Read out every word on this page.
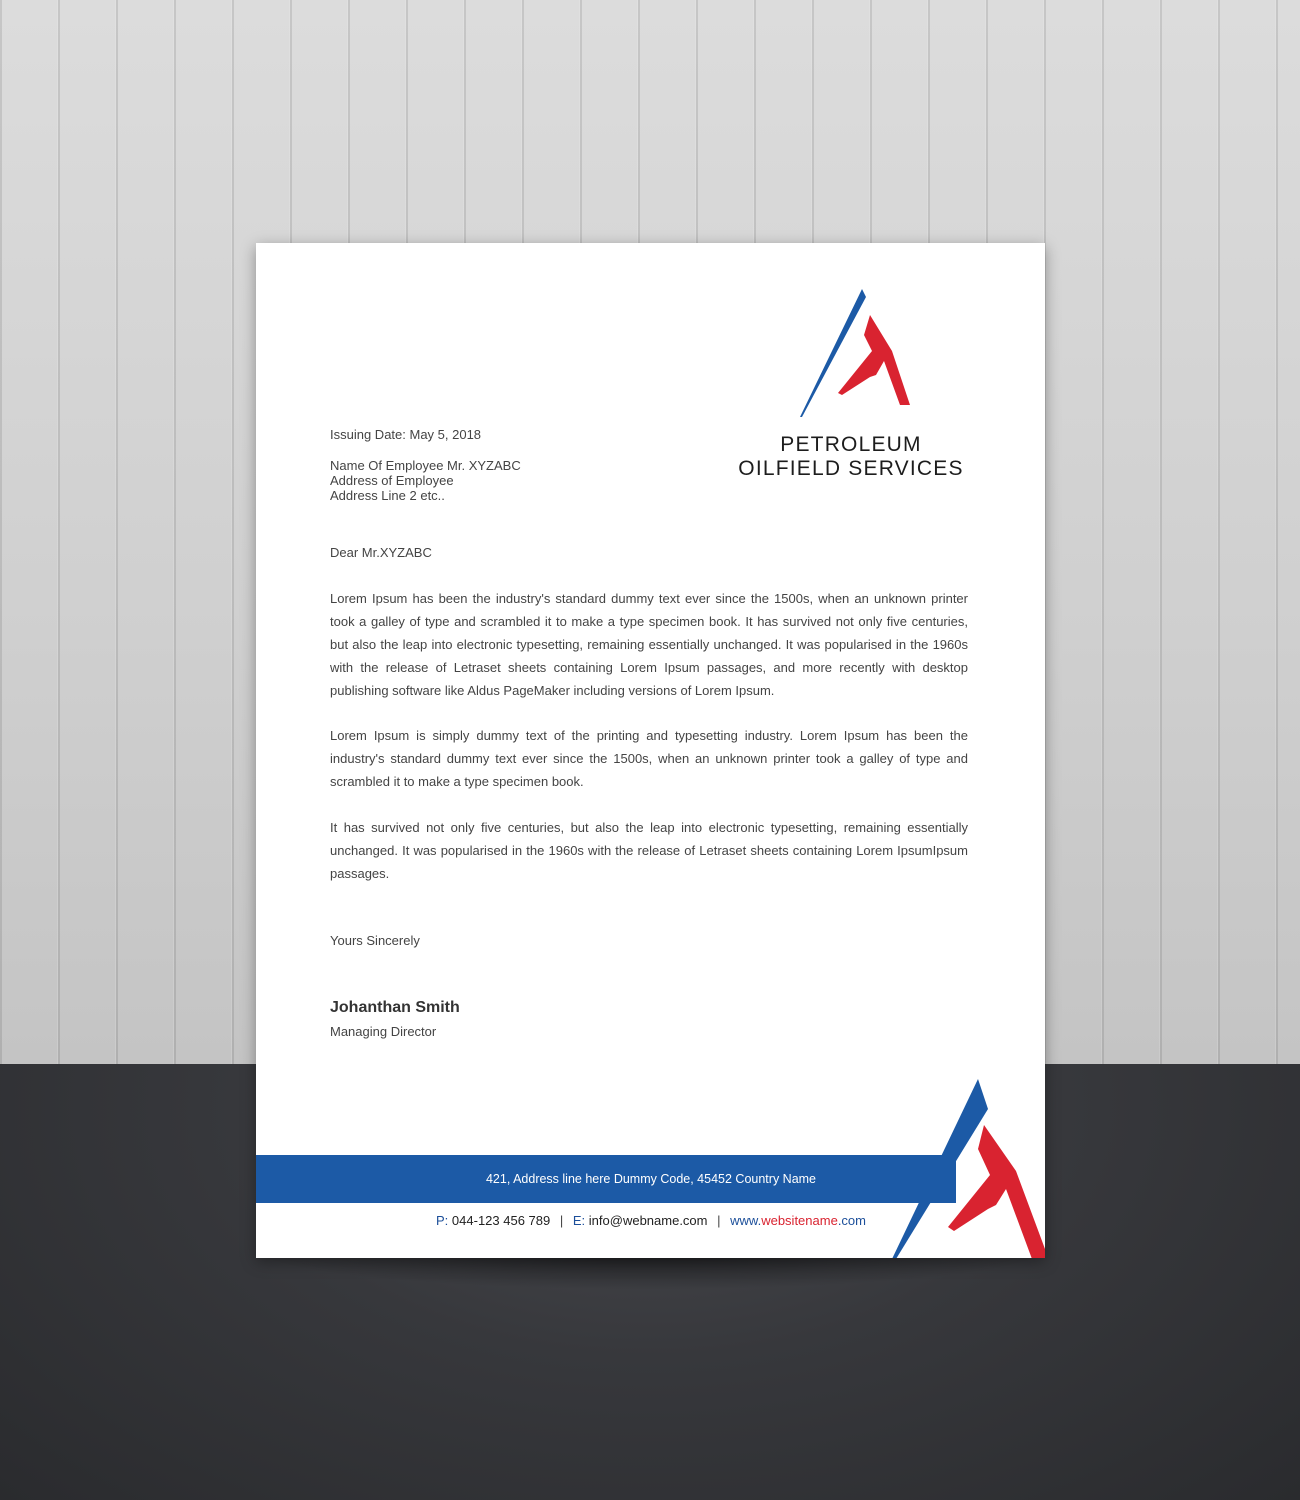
PETROLEUM
OILFIELD SERVICES
Issuing Date: May 5, 2018
Name Of Employee Mr. XYZABC
Address of Employee
Address Line 2 etc..
Dear Mr.XYZABC
Lorem Ipsum has been the industry's standard dummy text ever since the 1500s, when an unknown printer took a galley of type and scrambled it to make a type specimen book. It has survived not only five centuries, but also the leap into electronic typesetting, remaining essentially unchanged. It was popularised in the 1960s with the release of Letraset sheets containing Lorem Ipsum passages, and more recently with desktop publishing software like Aldus PageMaker including versions of Lorem Ipsum.
Lorem Ipsum is simply dummy text of the printing and typesetting industry. Lorem Ipsum has been the industry's standard dummy text ever since the 1500s, when an unknown printer took a galley of type and scrambled it to make a type specimen book.
It has survived not only five centuries, but also the leap into electronic typesetting, remaining essentially unchanged. It was popularised in the 1960s with the release of Letraset sheets containing Lorem IpsumIpsum passages.
Yours Sincerely
Johanthan Smith
Managing Director
421, Address line here Dummy Code, 45452 Country Name
P: 044-123 456 789 | E: info@webname.com | www.websitename.com
